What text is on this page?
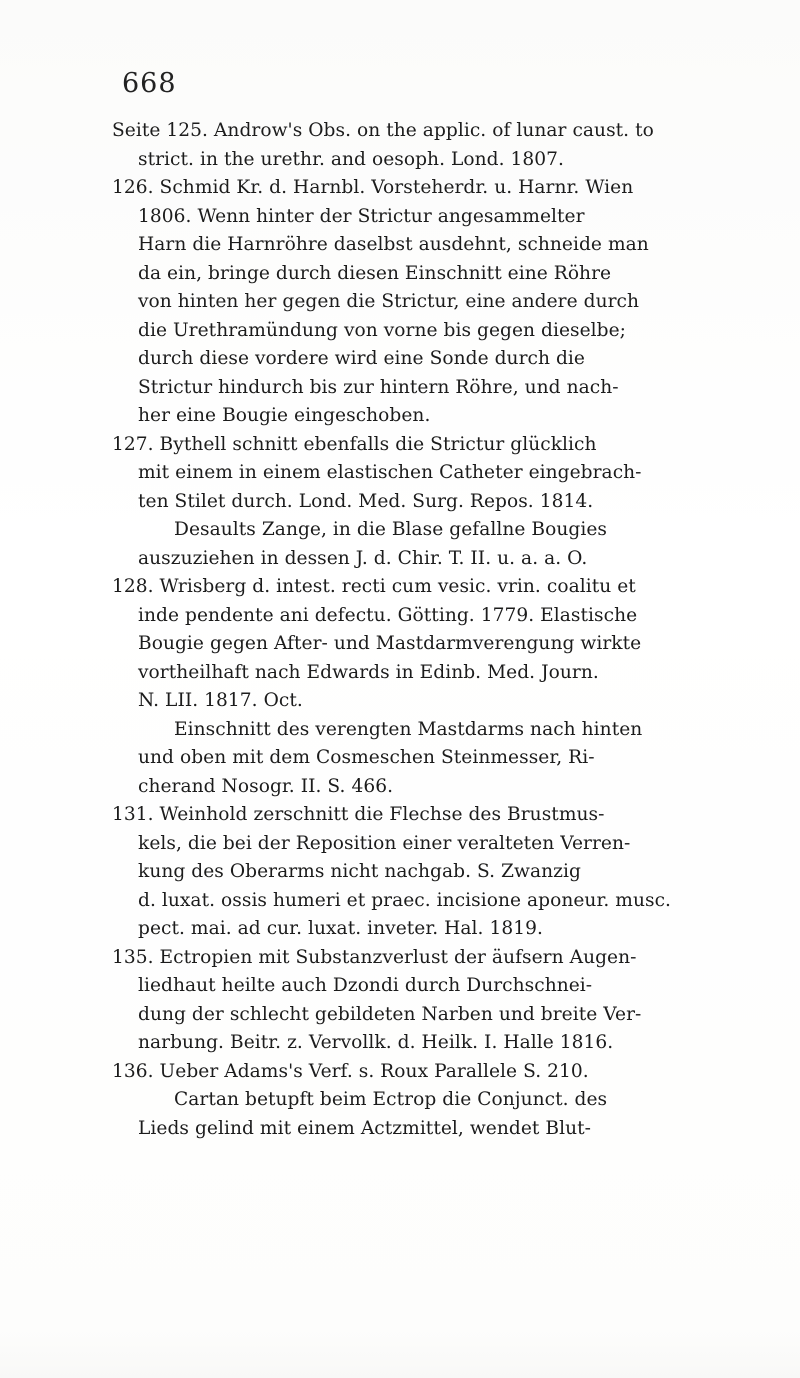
668
Seite 125. Androw's Obs. on the applic. of lunar caust. to
strict. in the urethr. and oesoph. Lond. 1807.
126. Schmid Kr. d. Harnbl. Vorsteherdr. u. Harnr. Wien
1806. Wenn hinter der Strictur angesammelter
Harn die Harnröhre daselbst ausdehnt, schneide man
da ein, bringe durch diesen Einschnitt eine Röhre
von hinten her gegen die Strictur, eine andere durch
die Urethramündung von vorne bis gegen dieselbe;
durch diese vordere wird eine Sonde durch die
Strictur hindurch bis zur hintern Röhre, und nach-
her eine Bougie eingeschoben.
127. Bythell schnitt ebenfalls die Strictur glücklich
mit einem in einem elastischen Catheter eingebrach-
ten Stilet durch. Lond. Med. Surg. Repos. 1814.
Desaults Zange, in die Blase gefallne Bougies
auszuziehen in dessen J. d. Chir. T. II. u. a. a. O.
128. Wrisberg d. intest. recti cum vesic. vrin. coalitu et
inde pendente ani defectu. Götting. 1779. Elastische
Bougie gegen After- und Mastdarmverengung wirkte
vortheilhaft nach Edwards in Edinb. Med. Journ.
N. LII. 1817. Oct.
Einschnitt des verengten Mastdarms nach hinten
und oben mit dem Cosmeschen Steinmesser, Ri-
cherand Nosogr. II. S. 466.
131. Weinhold zerschnitt die Flechse des Brustmus-
kels, die bei der Reposition einer veralteten Verren-
kung des Oberarms nicht nachgab. S. Zwanzig
d. luxat. ossis humeri et praec. incisione aponeur. musc.
pect. mai. ad cur. luxat. inveter. Hal. 1819.
135. Ectropien mit Substanzverlust der äufsern Augen-
liedhaut heilte auch Dzondi durch Durchschnei-
dung der schlecht gebildeten Narben und breite Ver-
narbung. Beitr. z. Vervollk. d. Heilk. I. Halle 1816.
136. Ueber Adams's Verf. s. Roux Parallele S. 210.
Cartan betupft beim Ectrop die Conjunct. des
Lieds gelind mit einem Actzmittel, wendet Blut-
